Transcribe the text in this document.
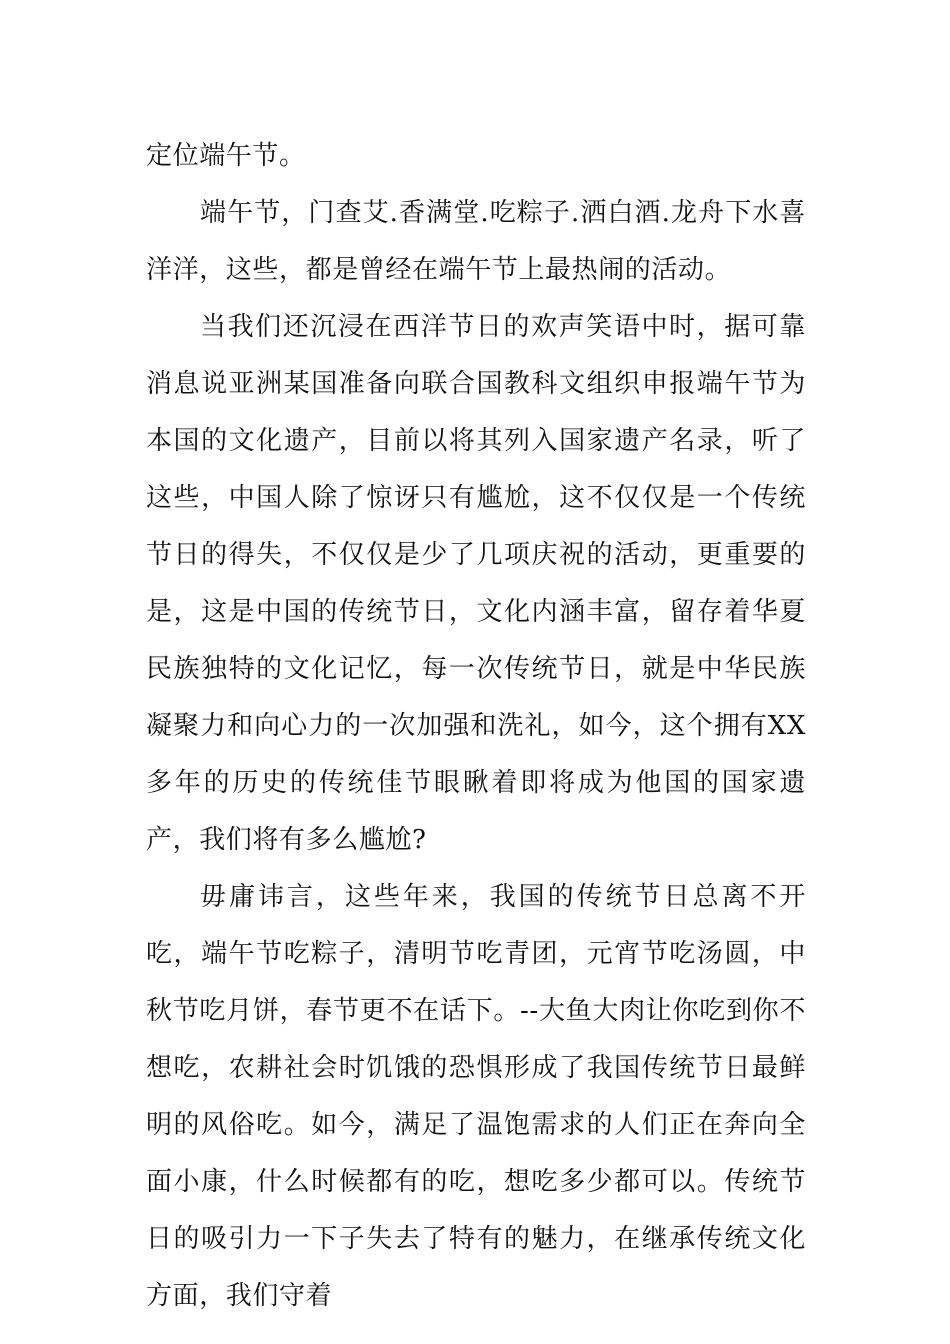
定位端午节。

端午节，门查艾.香满堂.吃粽子.洒白酒.龙舟下水喜洋洋，这些，都是曾经在端午节上最热闹的活动。

当我们还沉浸在西洋节日的欢声笑语中时，据可靠消息说亚洲某国准备向联合国教科文组织申报端午节为本国的文化遗产，目前以将其列入国家遗产名录，听了这些，中国人除了惊讶只有尴尬，这不仅仅是一个传统节日的得失，不仅仅是少了几项庆祝的活动，更重要的是，这是中国的传统节日，文化内涵丰富，留存着华夏民族独特的文化记忆，每一次传统节日，就是中华民族凝聚力和向心力的一次加强和洗礼，如今，这个拥有XX多年的历史的传统佳节眼瞅着即将成为他国的国家遗产，我们将有多么尴尬?

毋庸讳言，这些年来，我国的传统节日总离不开吃，端午节吃粽子，清明节吃青团，元宵节吃汤圆，中秋节吃月饼，春节更不在话下。--大鱼大肉让你吃到你不想吃，农耕社会时饥饿的恐惧形成了我国传统节日最鲜明的风俗吃。如今，满足了温饱需求的人们正在奔向全面小康，什么时候都有的吃，想吃多少都可以。传统节日的吸引力一下子失去了特有的魅力，在继承传统文化方面，我们守着
